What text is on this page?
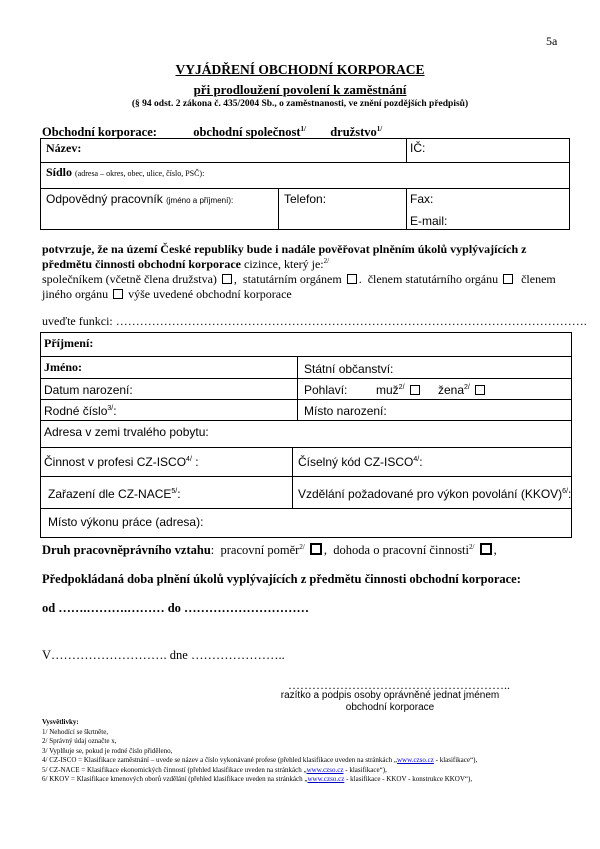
5a
VYJÁDŘENÍ OBCHODNÍ KORPORACE
při prodloužení povolení k zaměstnání
(§ 94 odst. 2 zákona č. 435/2004 Sb., o zaměstnanosti, ve znění pozdějších předpisů)
Obchodní korporace:	obchodní společnost$^{1/}$ družstvo$^{1/}$
Název:	IČ:
Sídlo (adresa – okres, obec, ulice, číslo, PSČ):
Odpovědný pracovník (jméno a příjmení):	Telefon:	Fax:
E-mail:
potvrzuje, že na území České republiky bude i nadále pověřovat plněním úkolů vyplývajících z předmětu činnosti obchodní korporace cizince, který je:$^{2/}$
společníkem (včetně člena družstva) ,  statutárním orgánem .  členem statutárního orgánu členem jiného orgánu výše uvedené obchodní korporace
uveďte funkci: ……………………………………………………………………………………………………….
Příjmení:
Jméno:	Státní občanství:
Datum narození:	Pohlaví: muž$^{2/}$	žena$^{2/}$
Rodné číslo$^{3/}$:	Místo narození:
Adresa v zemi trvalého pobytu:
Činnost v profesi $CZ-ISCO^{4/}$ :	Číselný kód $CZ-ISCO^{4/}$:
Zařazení dle $CZ-NACE^{5/}$:	Vzdělání požadované pro výkon povolání (KKOV)$^{6/}$:
Místo výkonu práce (adresa):
Druh pracovněprávního vztahu: pracovní poměr$^{2/}$ ,  dohoda o pracovní činnosti$^{2/}$ ,
Předpokládaná doba plnění úkolů vyplývajících z předmětu činnosti obchodní korporace:
od …….……….……… do …………………………
V………………………. dne …………………..
………………………………………………..
razítko a podpis osoby oprávněné jednat jménem
obchodní korporace
Vysvětlivky:
1/ Nehodící se škrtněte,
2/ Správný údaj označte x,
3/ Vyplňuje se, pokud je rodné číslo přiděleno,
4/ CZ-ISCO = Klasifikace zaměstnání – uvede se název a číslo vykonávané profese (přehled klasifikace uveden na stránkách „www.czso.cz - klasifikace“),
5/ CZ-NACE = Klasifikace ekonomických činností (přehled klasifikace uveden na stránkách „www.czso.cz - klasifikace“),
6/ KKOV = Klasifikace kmenových oborů vzdělání (přehled klasifikace uveden na stránkách „www.czso.cz - klasifikace - KKOV - konstrukce KKOV“),
